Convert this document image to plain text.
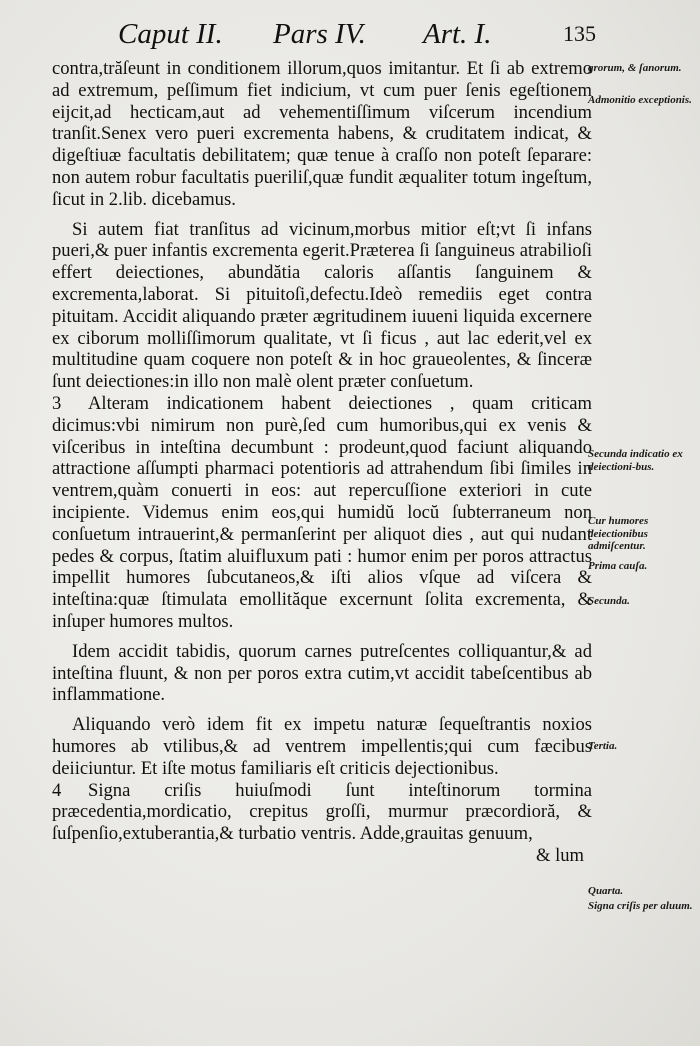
Caput II. Pars IV. Art. I.	135

contra,trăſeunt in conditionem illorum,quos imitantur. Et ſi ab extremo ad extremum, peſſimum fiet indicium, vt cum puer ſenis egeſtionem eijcit,ad hecticam,aut ad vehementiſſimum viſcerum incendium tranſit.Senex vero pueri excrementa habens, & cruditatem indicat, & digeſtiuæ facultatis debilitatem; quæ tenue à craſſo non poteſt ſeparare: non autem robur facultatis pueriliſ,quæ fundit æqualiter totum ingeſtum, ſicut in 2.lib. dicebamus.

Si autem fiat tranſitus ad vicinum,morbus mitior eſt;vt ſi infans pueri,& puer infantis excrementa egerit.Præterea ſi ſanguineus atrabilioſi effert deiectiones, abundătia caloris aſſantis ſanguinem & excrementa,laborat. Si pituitoſi,defectu.Ideò remediis eget contra pituitam. Accidit aliquando præter ægritudinem iuueni liquida excernere ex ciborum molliſſimorum qualitate, vt ſi ficus , aut lac ederit,vel ex multitudine quam coquere non poteſt & in hoc graueolentes, & ſinceræ ſunt deiectiones:in illo non malè olent præter conſuetum.

3 Alteram indicationem habent deiectiones , quam criticam dicimus:vbi nimirum non purè,ſed cum humoribus,qui ex venis & viſceribus in inteſtina decumbunt : prodeunt,quod faciunt aliquando attractione aſſumpti pharmaci potentioris ad attrahendum ſibi ſimiles in ventrem,quàm conuerti in eos: aut repercuſſione exteriori in cute incipiente. Videmus enim eos,qui humidŭ locŭ ſubterraneum non conſuetum intrauerint,& permanſerint per aliquot dies , aut qui nudant pedes & corpus, ſtatim aluifluxum pati : humor enim per poros attractus impellit humores ſubcutaneos,& iſti alios vſque ad viſcera & inteſtina:quæ ſtimulata emollităque excernunt ſolita excrementa, & inſuper humores multos.

Idem accidit tabidis, quorum carnes putreſcentes colliquantur,& ad inteſtina fluunt, & non per poros extra cutim,vt accidit tabeſcentibus ab inflammatione.

Aliquando verò idem fit ex impetu naturæ ſequeſtrantis noxios humores ab vtilibus,& ad ventrem impellentis;qui cum fæcibus deiiciuntur. Et iſte motus familiaris eſt criticis dejectionibus.

4 Signa criſis huiuſmodi ſunt inteſtinorum tormina præcedentia,mordicatio, crepitus groſſi, murmur præcordioră, & ſuſpenſio,extuberantia,& turbatio ventris. Adde,grauitas genuum,

& lum
grorum, & ſanorum.
Admonitio exceptionis.
Secunda indicatio ex deiectioni-bus.
Cur humores deiectionibus admiſcentur.
Prima cauſa.
Secunda.
Tertia.
Quarta.
Signa criſis per aluum.
